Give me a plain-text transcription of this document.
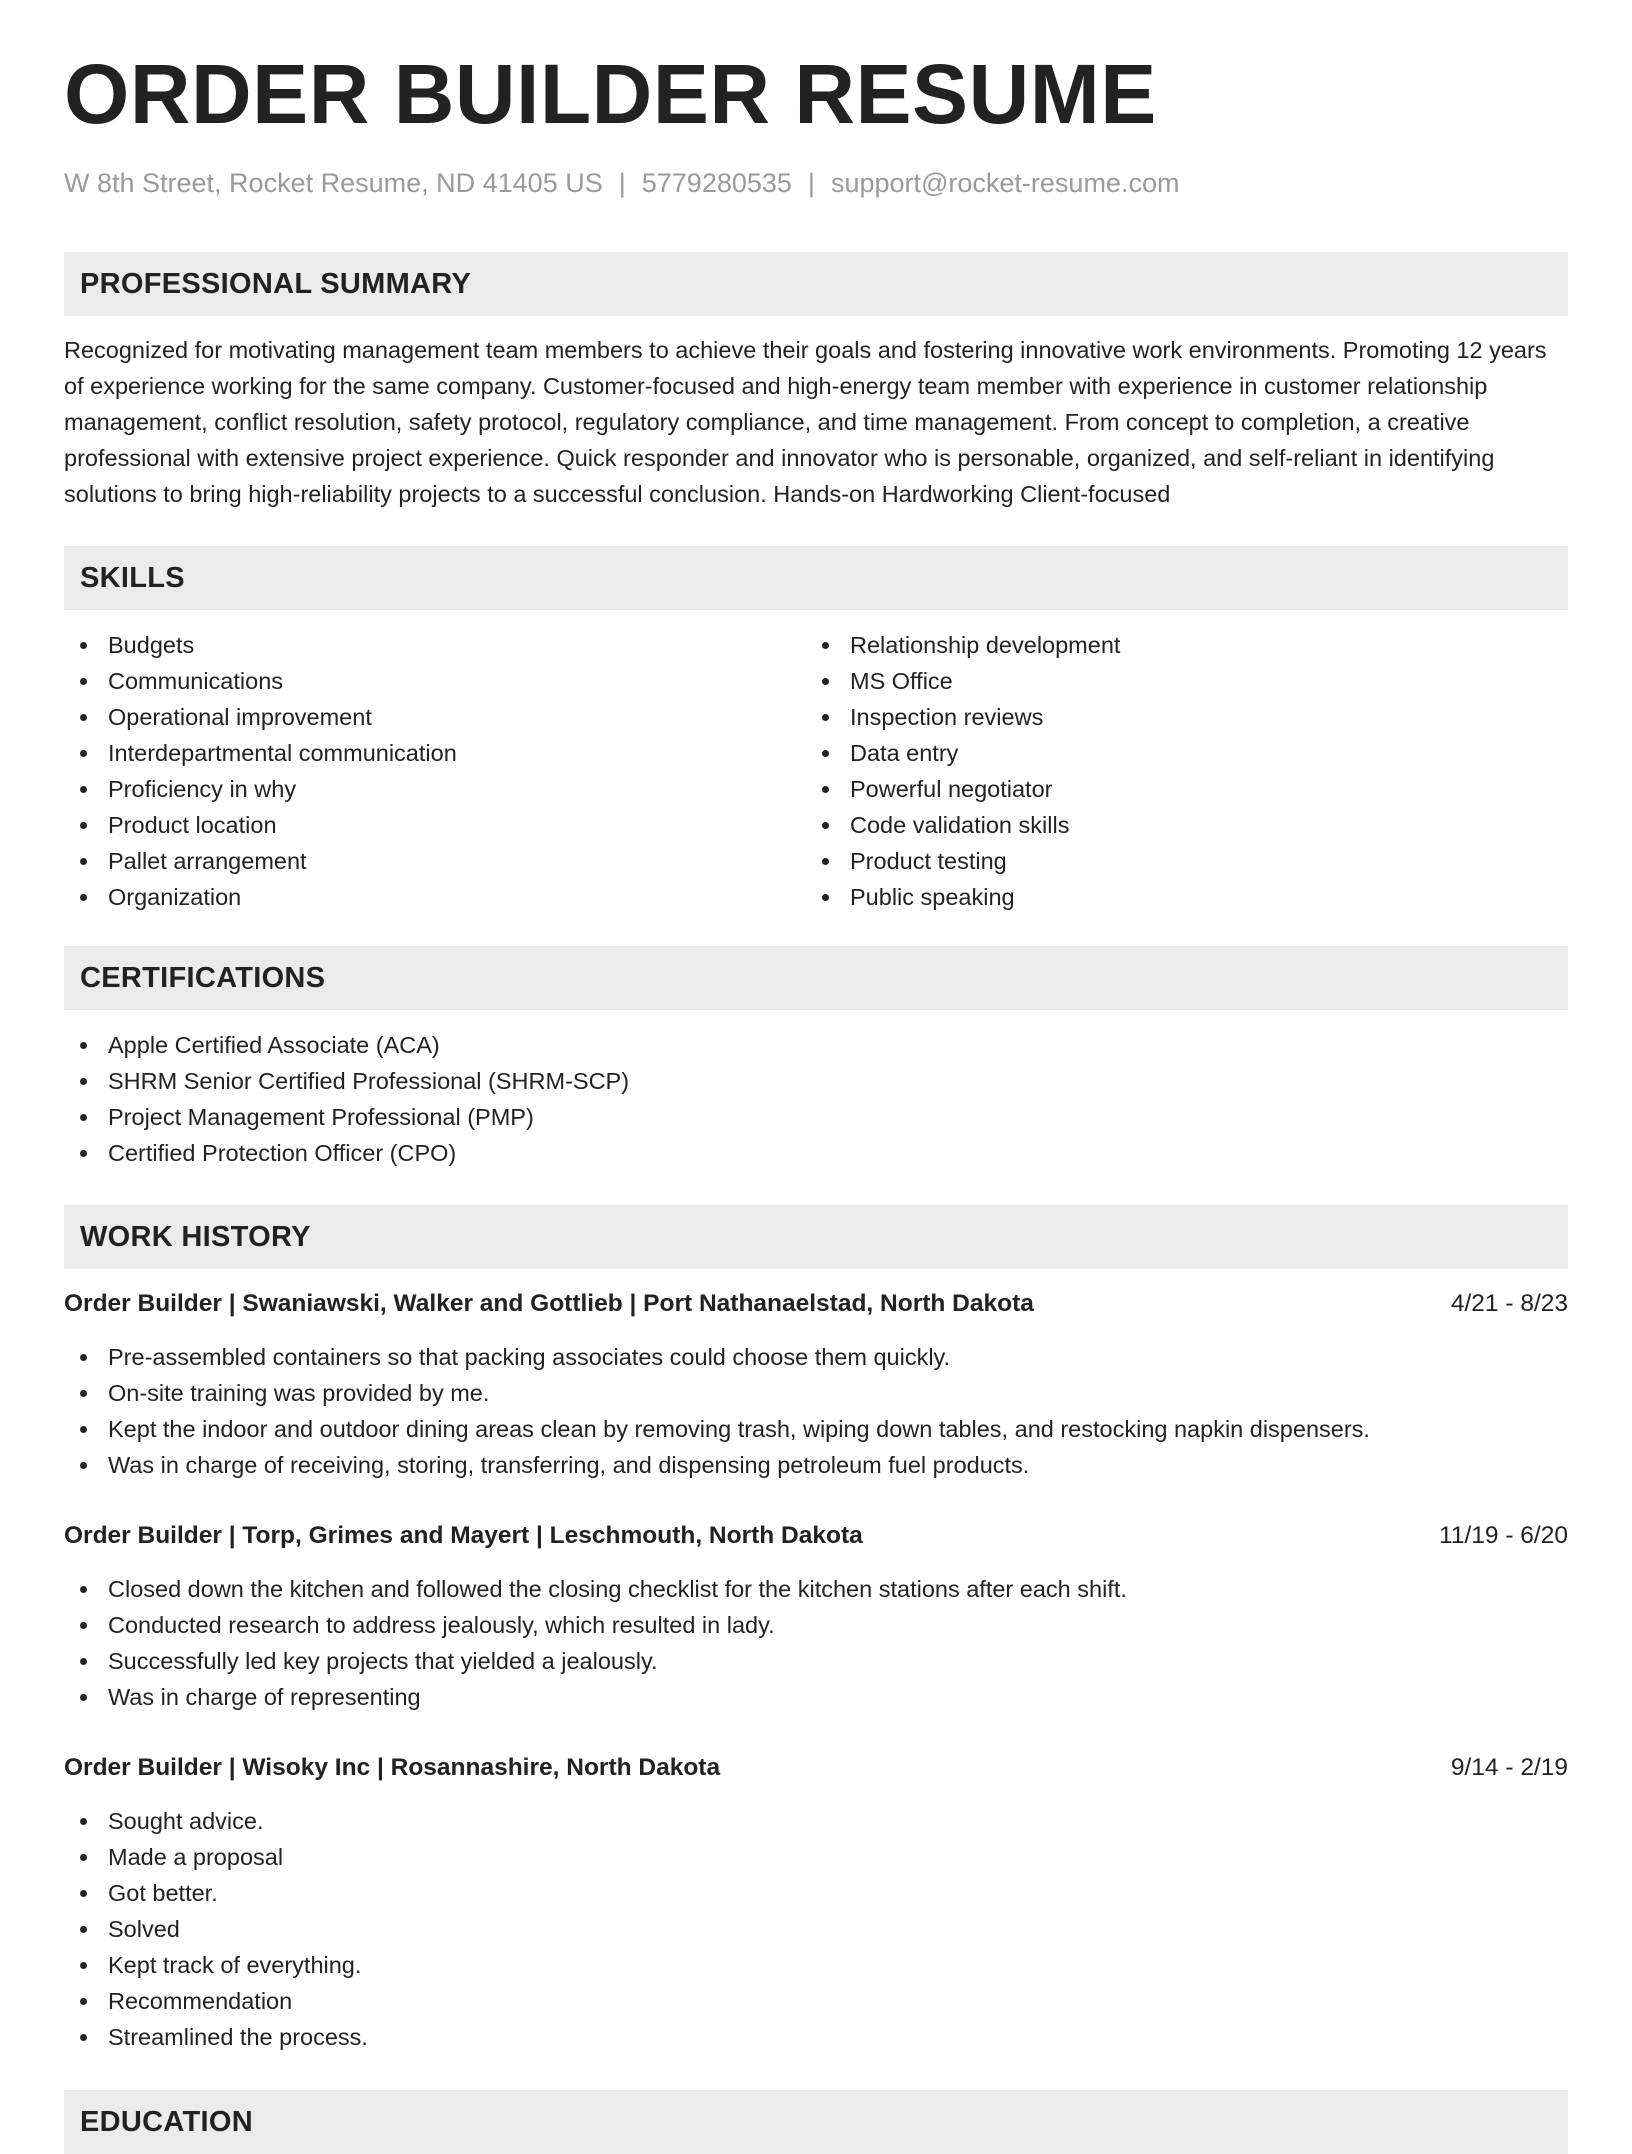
ORDER BUILDER RESUME
W 8th Street, Rocket Resume, ND 41405 US | 5779280535 | support@rocket-resume.com
PROFESSIONAL SUMMARY
Recognized for motivating management team members to achieve their goals and fostering innovative work environments. Promoting 12 years of experience working for the same company. Customer-focused and high-energy team member with experience in customer relationship management, conflict resolution, safety protocol, regulatory compliance, and time management. From concept to completion, a creative professional with extensive project experience. Quick responder and innovator who is personable, organized, and self-reliant in identifying solutions to bring high-reliability projects to a successful conclusion. Hands-on Hardworking Client-focused
SKILLS
Budgets
Communications
Operational improvement
Interdepartmental communication
Proficiency in why
Product location
Pallet arrangement
Organization
Relationship development
MS Office
Inspection reviews
Data entry
Powerful negotiator
Code validation skills
Product testing
Public speaking
CERTIFICATIONS
Apple Certified Associate (ACA)
SHRM Senior Certified Professional (SHRM-SCP)
Project Management Professional (PMP)
Certified Protection Officer (CPO)
WORK HISTORY
Order Builder | Swaniawski, Walker and Gottlieb | Port Nathanaelstad, North Dakota	4/21 - 8/23
Pre-assembled containers so that packing associates could choose them quickly.
On-site training was provided by me.
Kept the indoor and outdoor dining areas clean by removing trash, wiping down tables, and restocking napkin dispensers.
Was in charge of receiving, storing, transferring, and dispensing petroleum fuel products.
Order Builder | Torp, Grimes and Mayert | Leschmouth, North Dakota	11/19 - 6/20
Closed down the kitchen and followed the closing checklist for the kitchen stations after each shift.
Conducted research to address jealously, which resulted in lady.
Successfully led key projects that yielded a jealously.
Was in charge of representing
Order Builder | Wisoky Inc | Rosannashire, North Dakota	9/14 - 2/19
Sought advice.
Made a proposal
Got better.
Solved
Kept track of everything.
Recommendation
Streamlined the process.
EDUCATION
